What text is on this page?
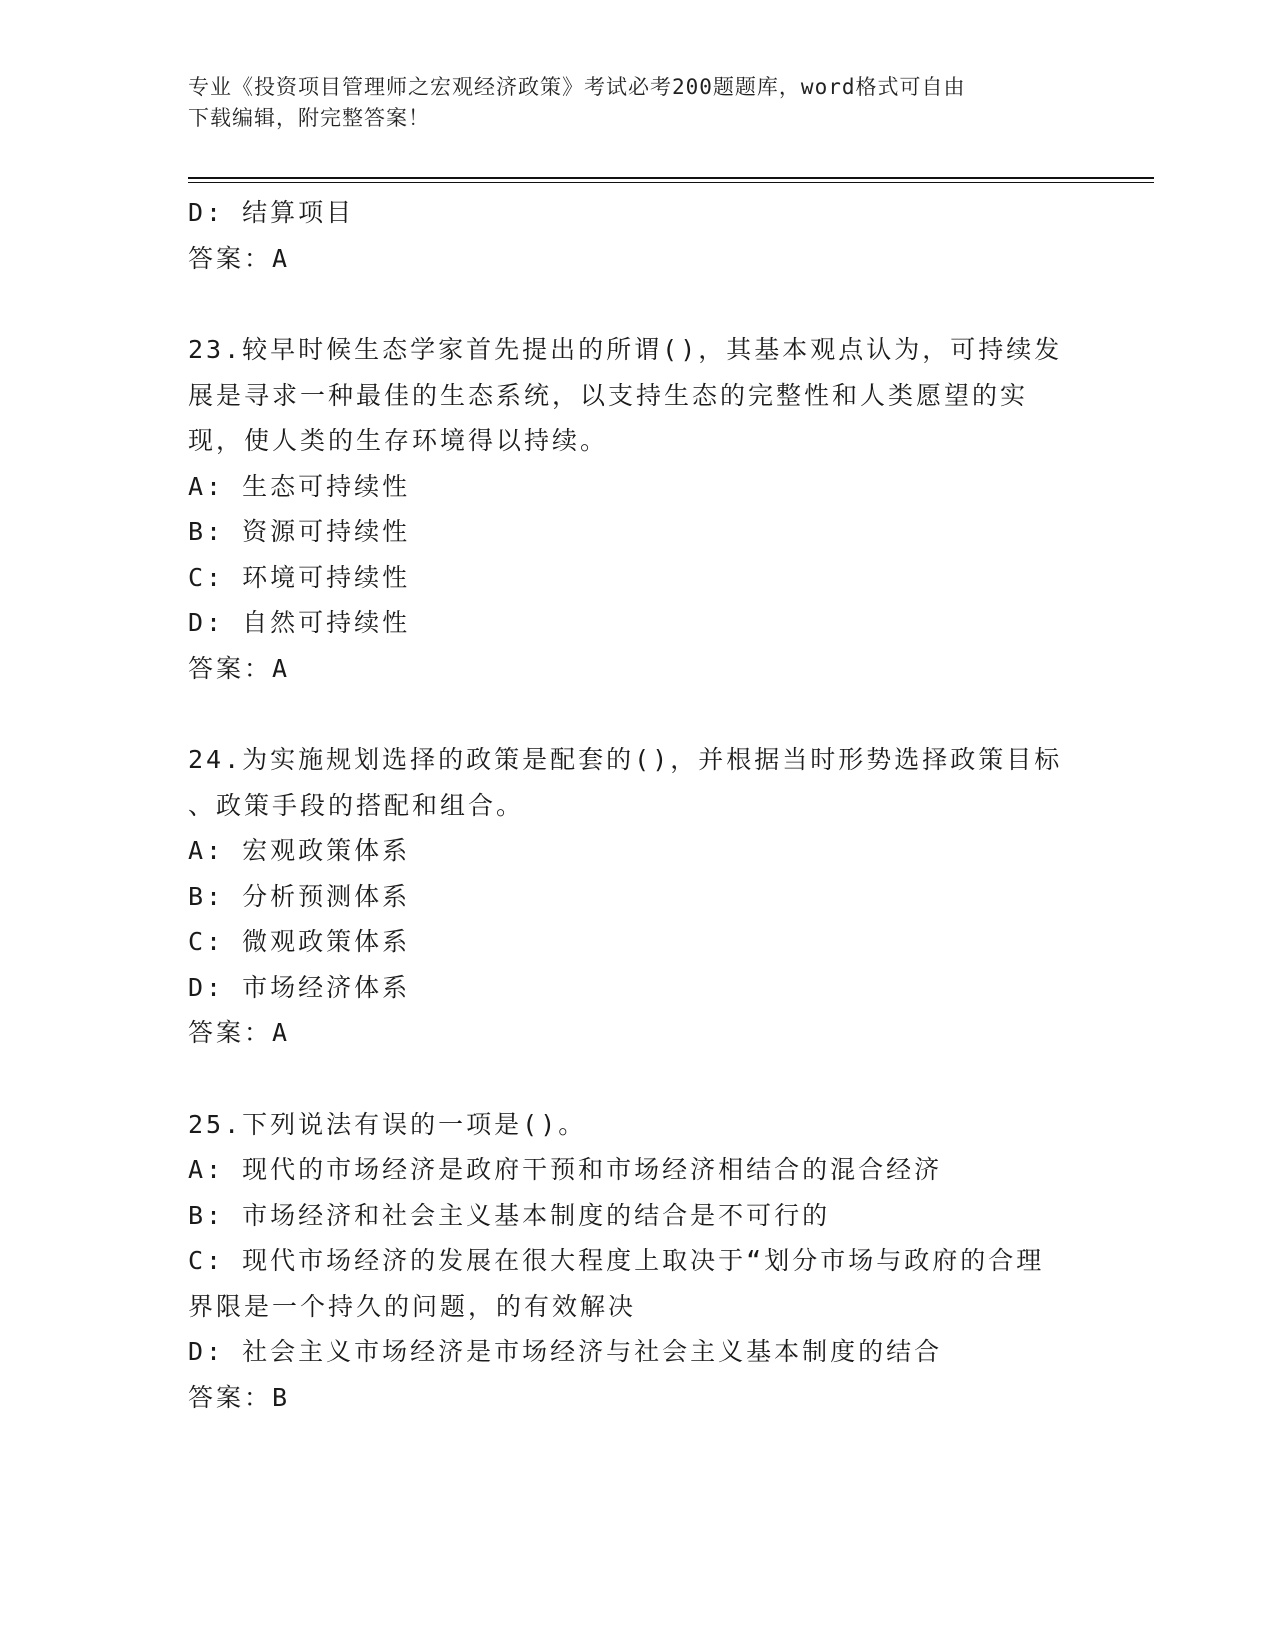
专业《投资项目管理师之宏观经济政策》考试必考200题题库，word格式可自由
下载编辑，附完整答案！

D: 结算项目

答案：A

23.较早时候生态学家首先提出的所谓()，其基本观点认为，可持续发

展是寻求一种最佳的生态系统，以支持生态的完整性和人类愿望的实

现，使人类的生存环境得以持续。

A: 生态可持续性

B: 资源可持续性

C: 环境可持续性

D: 自然可持续性

答案：A

24.为实施规划选择的政策是配套的()，并根据当时形势选择政策目标

、政策手段的搭配和组合。

A: 宏观政策体系

B: 分析预测体系

C: 微观政策体系

D: 市场经济体系

答案：A

25.下列说法有误的一项是()。

A: 现代的市场经济是政府干预和市场经济相结合的混合经济

B: 市场经济和社会主义基本制度的结合是不可行的

C: 现代市场经济的发展在很大程度上取决于“划分市场与政府的合理

界限是一个持久的问题，的有效解决

D: 社会主义市场经济是市场经济与社会主义基本制度的结合

答案：B
